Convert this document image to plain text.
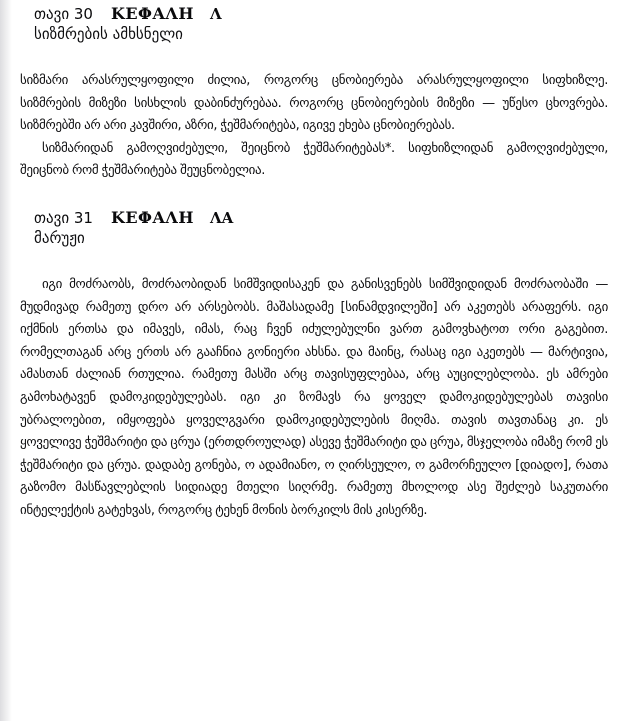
თავი 30 ΚΕΦΑΛΗ Λ
სიზმრების ამხსნელი

სიზმარი არასრულყოფილი ძილია, როგორც ცნობიერება არასრულყოფილი სიფხიზლე. სიზმრების მიზეზი სისხლის დაბინძურებაა. როგორც ცნობიერების მიზეზი — უწესო ცხოვრება. სიზმრებში არ არი კავშირი, აზრი, ჭეშმარიტება, იგივე ეხება ცნობიერებას.

სიზმარიდან გამოღვიძებული, შეიცნობ ჭეშმარიტებას*. სიფხიზლიდან გამოღვიძებული, შეიცნობ რომ ჭეშმარიტება შეუცნობელია.

თავი 31 ΚΕΦΑΛΗ ΛΑ
მარუჟი

იგი მოძრაობს, მოძრაობიდან სიმშვიდისაკენ და განისვენებს სიმშვიდიდან მოძრაობაში — მუდმივად რამეთუ დრო არ არსებობს. მაშასადამე [სინამდვილეში] არ აკეთებს არაფერს. იგი იქმნის ერთსა და იმავეს, იმას, რაც ჩვენ იძულებულნი ვართ გამოვხატოთ ორი გაგებით. რომელთაგან არც ერთს არ გააჩნია გონიერი ახსნა. და მაინც, რასაც იგი აკეთებს — მარტივია, ამასთან ძალიან რთულია. რამეთუ მასში არც თავისუფლებაა, არც აუცილებლობა. ეს ამრები გამოხატავენ დამოკიდებულებას. იგი კი ზომავს რა ყოველ დამოკიდებულებას თავისი უბრალოებით, იმყოფება ყოველგვარი დამოკიდებულების მიღმა. თავის თავთანაც კი. ეს ყოველივე ჭეშმარიტი და ცრუა (ერთდროულად) ასევე ჭეშმარიტი და ცრუა, მსჯელობა იმაზე რომ ეს ჭეშმარიტი და ცრუა. დადაბე გონება, ო ადამიანო, ო ღირსეულო, ო გამორჩეულო [დიადო], რათა გაზომო მასწავლებლის სიდიადე მთელი სიღრმე. რამეთუ მხოლოდ ასე შეძლებ საკუთარი ინტელექტის გატეხვას, როგორც ტეხენ მონის ბორკილს მის კისერზე.
